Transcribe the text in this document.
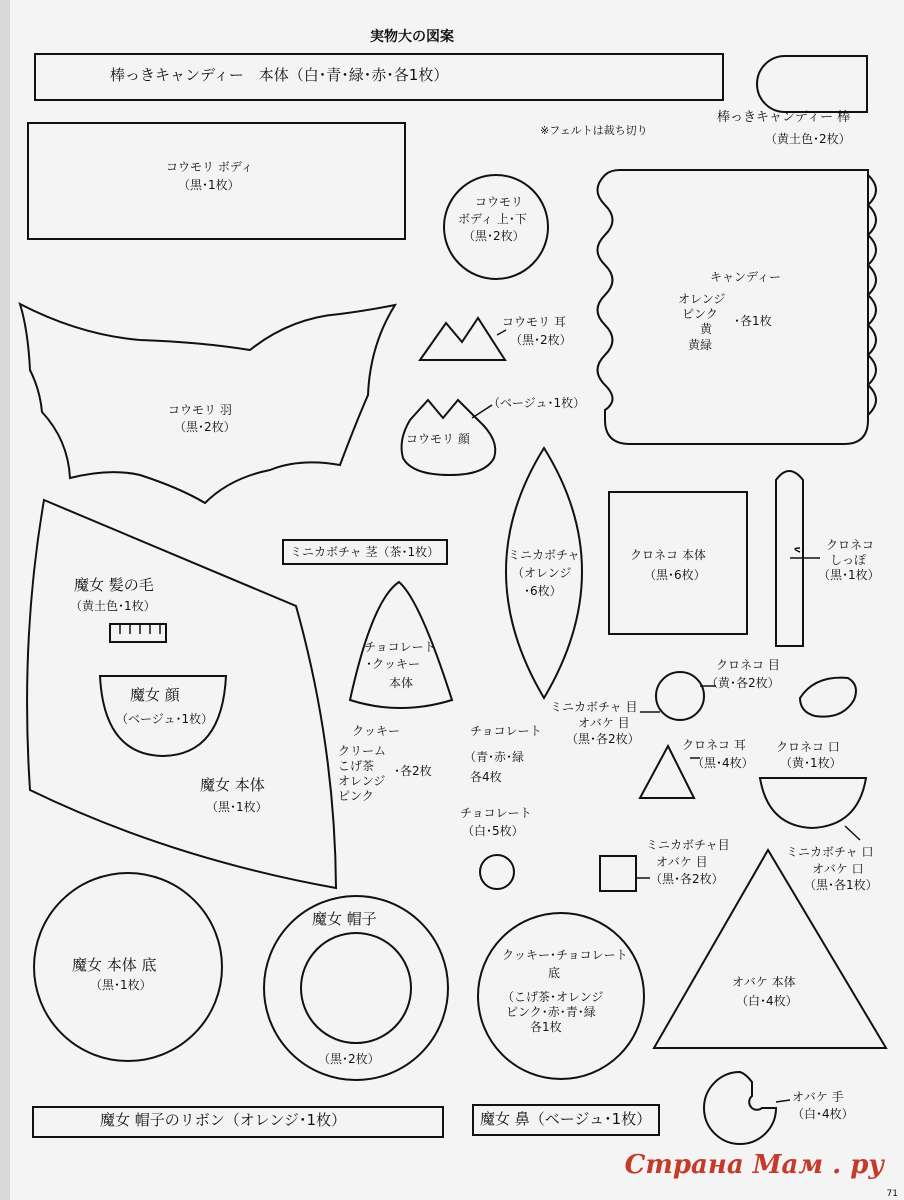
実物大の図案
※フェルトは裁ち切り
棒っきキャンディー　本体（白･青･緑･赤･各1枚）
棒っきキャンディー 棒
（黄土色･2枚）
コウモリ ボディ
（黒･1枚）
コウモリ
ボディ 上･下
（黒･2枚）
キャンディー
オレンジ
ピンク
黄
黄緑
･各1枚
コウモリ 羽
（黒･2枚）
コウモリ 耳
（黒･2枚）
（ベージュ･1枚）
コウモリ 顔
ミニカボチャ 茎（茶･1枚）	ミニカボチャ
（オレンジ
･6枚）
クロネコ 本体
（黒･6枚）
クロネコ
しっぽ
（黒･1枚）
魔女 髪の毛
（黄土色･1枚）
魔女 顔
（ベージュ･1枚）
魔女 本体
（黒･1枚）
チョコレート
･クッキー
本体
クッキー
クリーム
こげ茶
オレンジ
ピンク
･各2枚
チョコレート
（青･赤･緑
各4枚
クロネコ 目
（黄･各2枚）
ミニカボチャ 目
オバケ 目
（黒･各2枚）	クロネコ 耳
（黒･4枚）
クロネコ 口
（黄･1枚）
チョコレート
（白･5枚）
ミニカボチャ目
オバケ 目
（黒･各2枚）
ミニカボチャ 口
オバケ 口
（黒･各1枚）
魔女 本体 底
（黒･1枚）
魔女 帽子
（黒･2枚）
クッキー･チョコレート
底
（こげ茶･オレンジ
ピンク･赤･青･緑
各1枚
オバケ 本体
（白･4枚）
オバケ 手
（白･4枚）
魔女 帽子のリボン（オレンジ･1枚）	魔女 鼻（ベージュ･1枚）
Страна Мам . ру
71
